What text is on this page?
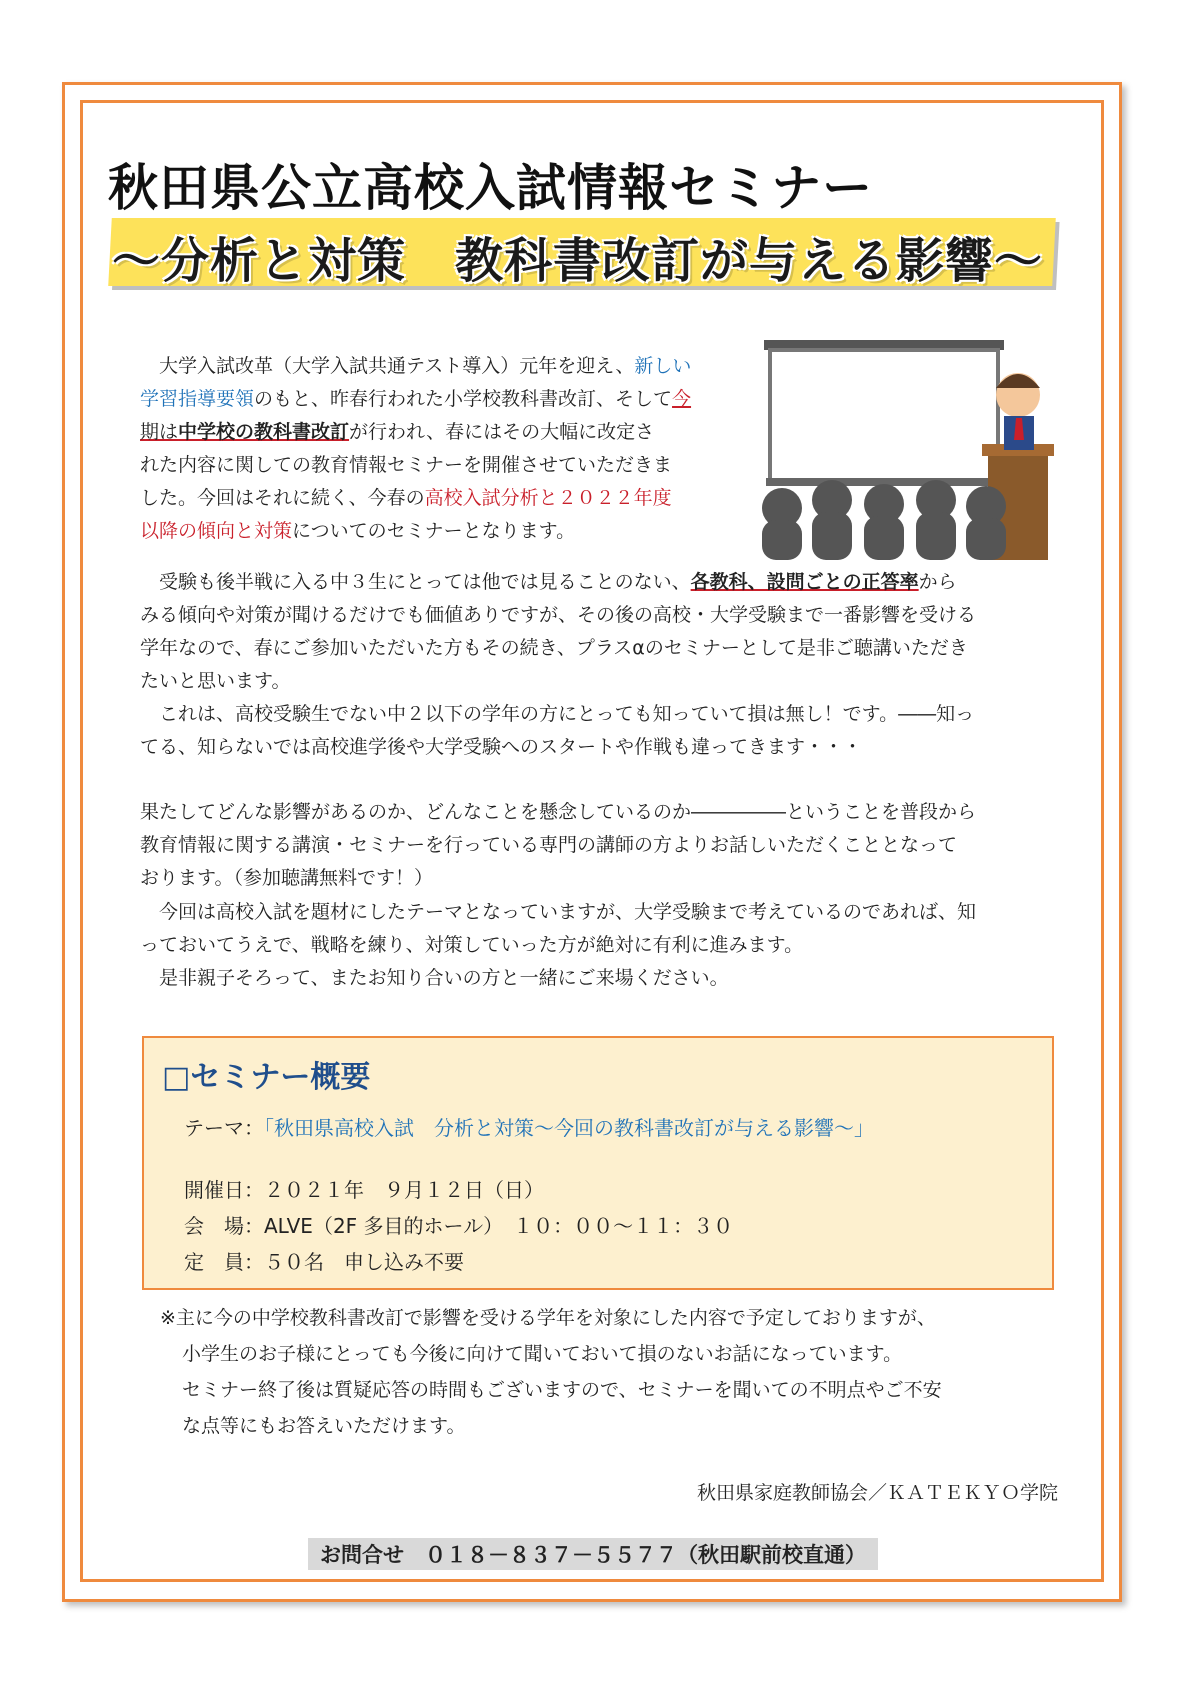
秋田県公立高校入試情報セミナー
～分析と対策　教科書改訂が与える影響～
　大学入試改革（大学入試共通テスト導入）元年を迎え、新しい
学習指導要領のもと、昨春行われた小学校教科書改訂、そして今
期は中学校の教科書改訂が行われ、春にはその大幅に改定さ
れた内容に関しての教育情報セミナーを開催させていただきま
した。今回はそれに続く、今春の高校入試分析と２０２２年度
以降の傾向と対策についてのセミナーとなります。
　受験も後半戦に入る中３生にとっては他では見ることのない、各教科、設問ごとの正答率から
みる傾向や対策が聞けるだけでも価値ありですが、その後の高校・大学受験まで一番影響を受ける
学年なので、春にご参加いただいた方もその続き、プラスαのセミナーとして是非ご聴講いただき
たいと思います。
　これは、高校受験生でない中２以下の学年の方にとっても知っていて損は無し！です。――知っ
てる、知らないでは高校進学後や大学受験へのスタートや作戦も違ってきます・・・
果たしてどんな影響があるのか、どんなことを懸念しているのか―――――ということを普段から
教育情報に関する講演・セミナーを行っている専門の講師の方よりお話しいただくこととなって
おります。（参加聴講無料です！）
　今回は高校入試を題材にしたテーマとなっていますが、大学受験まで考えているのであれば、知
っておいてうえで、戦略を練り、対策していった方が絶対に有利に進みます。
　是非親子そろって、またお知り合いの方と一緒にご来場ください。
□セミナー概要
テーマ：「秋田県高校入試　分析と対策～今回の教科書改訂が与える影響～」
開催日：２０２１年　９月１２日（日）
会　場：ALVE（2F 多目的ホール）　１０：００～１１：３０
定　員：５０名　申し込み不要
※主に今の中学校教科書改訂で影響を受ける学年を対象にした内容で予定しておりますが、
小学生のお子様にとっても今後に向けて聞いておいて損のないお話になっています。
セミナー終了後は質疑応答の時間もございますので、セミナーを聞いての不明点やご不安
な点等にもお答えいただけます。
秋田県家庭教師協会／ＫＡＴＥＫＹＯ学院
お問合せ　０１８－８３７－５５７７（秋田駅前校直通）
